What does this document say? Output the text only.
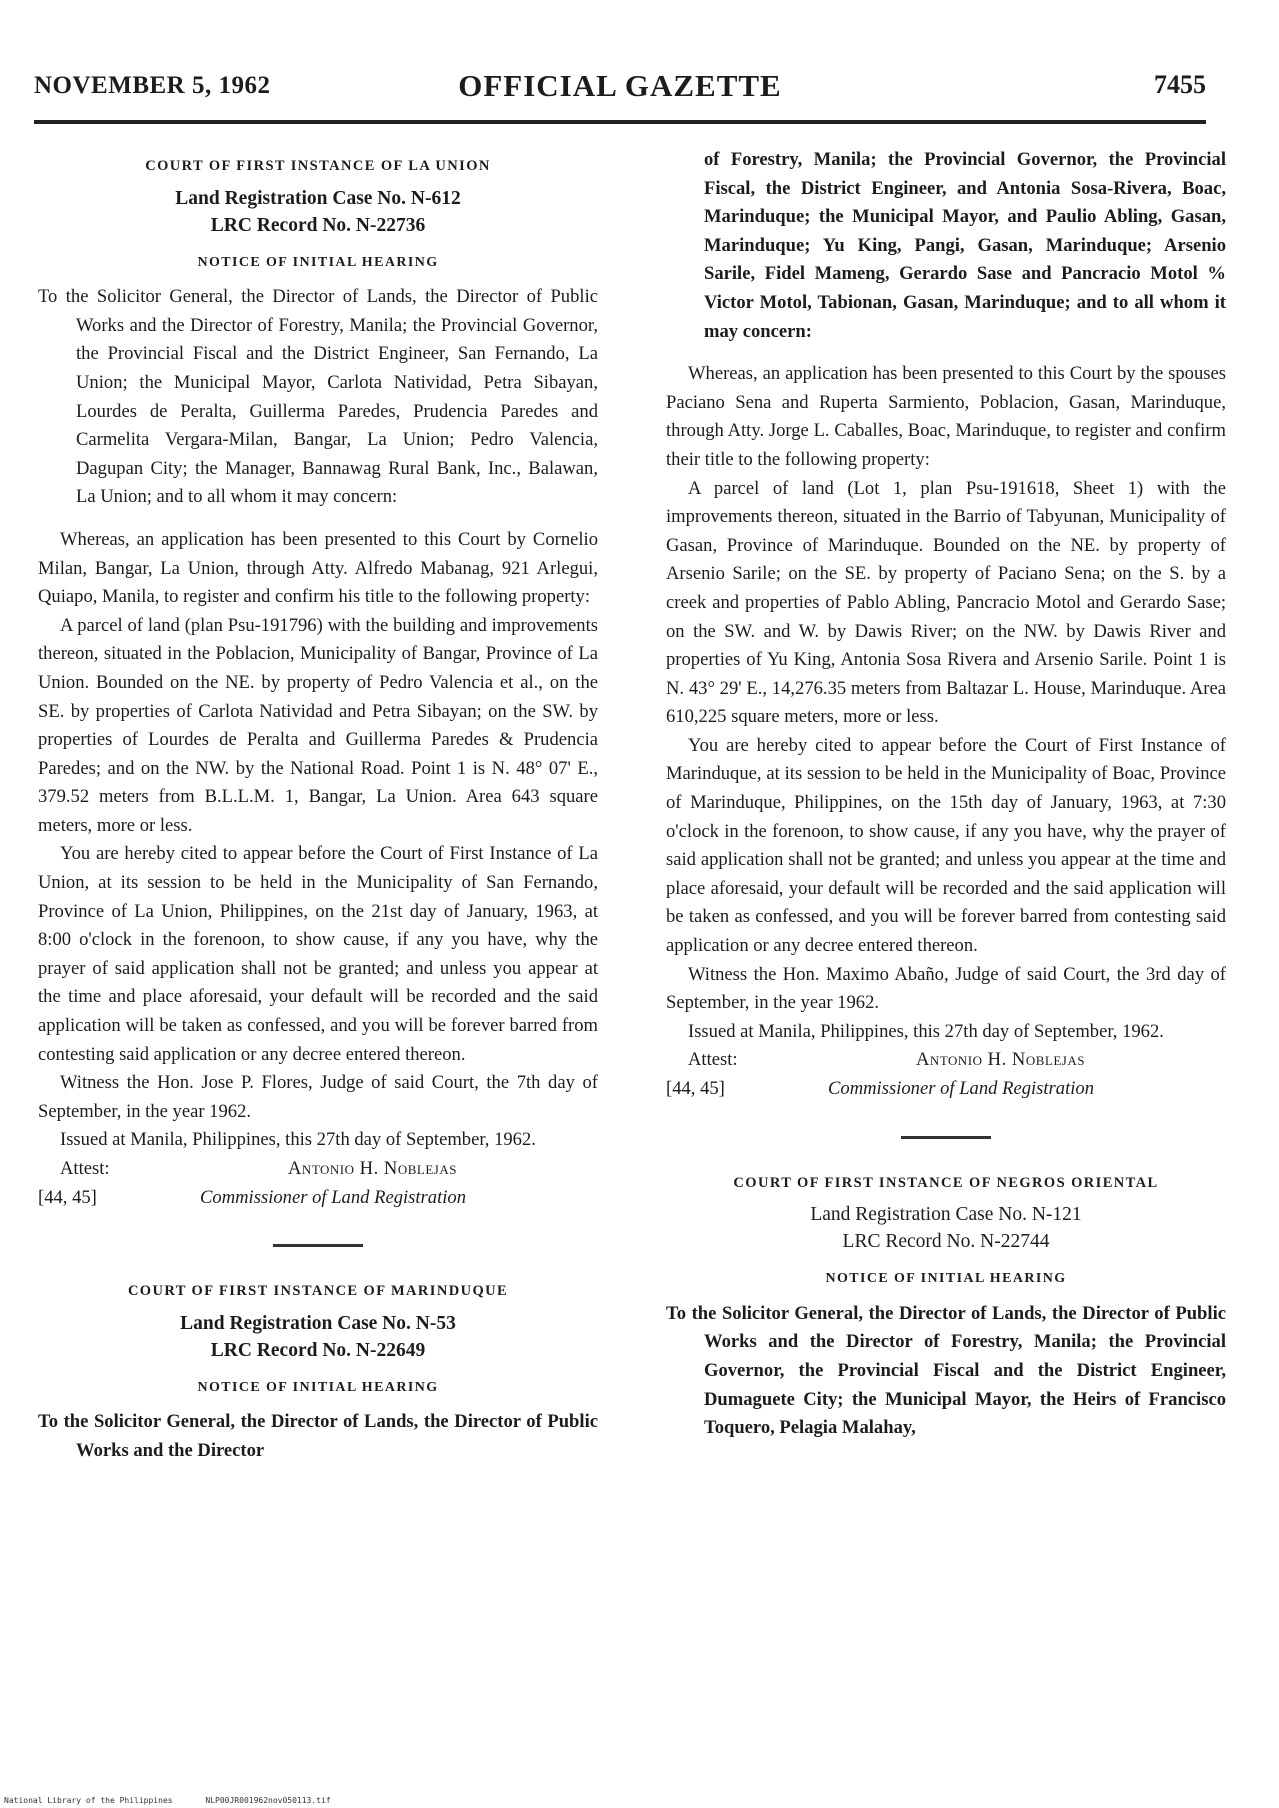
NOVEMBER 5, 1962	OFFICIAL GAZETTE	7455
COURT OF FIRST INSTANCE OF LA UNION
Land Registration Case No. N-612
LRC Record No. N-22736
NOTICE OF INITIAL HEARING

To the Solicitor General, the Director of Lands, the Director of Public Works and the Director of Forestry, Manila; the Provincial Governor, the Provincial Fiscal and the District Engineer, San Fernando, La Union; the Municipal Mayor, Carlota Natividad, Petra Sibayan, Lourdes de Peralta, Guillerma Paredes, Prudencia Paredes and Carmelita Vergara-Milan, Bangar, La Union; Pedro Valencia, Dagupan City; the Manager, Bannawag Rural Bank, Inc., Balawan, La Union; and to all whom it may concern:

Whereas, an application has been presented to this Court by Cornelio Milan, Bangar, La Union, through Atty. Alfredo Mabanag, 921 Arlegui, Quiapo, Manila, to register and confirm his title to the following property:

A parcel of land (plan Psu-191796) with the building and improvements thereon, situated in the Poblacion, Municipality of Bangar, Province of La Union. Bounded on the NE. by property of Pedro Valencia et al., on the SE. by properties of Carlota Natividad and Petra Sibayan; on the SW. by properties of Lourdes de Peralta and Guillerma Paredes & Prudencia Paredes; and on the NW. by the National Road. Point 1 is N. 48° 07' E., 379.52 meters from B.L.L.M. 1, Bangar, La Union. Area 643 square meters, more or less.

You are hereby cited to appear before the Court of First Instance of La Union, at its session to be held in the Municipality of San Fernando, Province of La Union, Philippines, on the 21st day of January, 1963, at 8:00 o'clock in the forenoon, to show cause, if any you have, why the prayer of said application shall not be granted; and unless you appear at the time and place aforesaid, your default will be recorded and the said application will be taken as confessed, and you will be forever barred from contesting said application or any decree entered thereon.

Witness the Hon. Jose P. Flores, Judge of said Court, the 7th day of September, in the year 1962.

Issued at Manila, Philippines, this 27th day of September, 1962.

Attest:	Antonio H. Noblejas
[44, 45]	Commissioner of Land Registration
COURT OF FIRST INSTANCE OF MARINDUQUE
Land Registration Case No. N-53
LRC Record No. N-22649
NOTICE OF INITIAL HEARING

To the Solicitor General, the Director of Lands, the Director of Public Works and the Director

of Forestry, Manila; the Provincial Governor, the Provincial Fiscal, the District Engineer, and Antonia Sosa-Rivera, Boac, Marinduque; the Municipal Mayor, and Paulio Abling, Gasan, Marinduque; Yu King, Pangi, Gasan, Marinduque; Arsenio Sarile, Fidel Mameng, Gerardo Sase and Pancracio Motol % Victor Motol, Tabionan, Gasan, Marinduque; and to all whom it may concern:

Whereas, an application has been presented to this Court by the spouses Paciano Sena and Ruperta Sarmiento, Poblacion, Gasan, Marinduque, through Atty. Jorge L. Caballes, Boac, Marinduque, to register and confirm their title to the following property:

A parcel of land (Lot 1, plan Psu-191618, Sheet 1) with the improvements thereon, situated in the Barrio of Tabyunan, Municipality of Gasan, Province of Marinduque. Bounded on the NE. by property of Arsenio Sarile; on the SE. by property of Paciano Sena; on the S. by a creek and properties of Pablo Abling, Pancracio Motol and Gerardo Sase; on the SW. and W. by Dawis River; on the NW. by Dawis River and properties of Yu King, Antonia Sosa Rivera and Arsenio Sarile. Point 1 is N. 43° 29' E., 14,276.35 meters from Baltazar L. House, Marinduque. Area 610,225 square meters, more or less.

You are hereby cited to appear before the Court of First Instance of Marinduque, at its session to be held in the Municipality of Boac, Province of Marinduque, Philippines, on the 15th day of January, 1963, at 7:30 o'clock in the forenoon, to show cause, if any you have, why the prayer of said application shall not be granted; and unless you appear at the time and place aforesaid, your default will be recorded and the said application will be taken as confessed, and you will be forever barred from contesting said application or any decree entered thereon.

Witness the Hon. Maximo Abaño, Judge of said Court, the 3rd day of September, in the year 1962.

Issued at Manila, Philippines, this 27th day of September, 1962.

Attest:	Antonio H. Noblejas
[44, 45]	Commissioner of Land Registration
COURT OF FIRST INSTANCE OF NEGROS ORIENTAL
Land Registration Case No. N-121
LRC Record No. N-22744
NOTICE OF INITIAL HEARING

To the Solicitor General, the Director of Lands, the Director of Public Works and the Director of Forestry, Manila; the Provincial Governor, the Provincial Fiscal and the District Engineer, Dumaguete City; the Municipal Mayor, the Heirs of Francisco Toquero, Pelagia Malahay,

National Library of the Philippines	NLP00JR001962nov050113.tif
